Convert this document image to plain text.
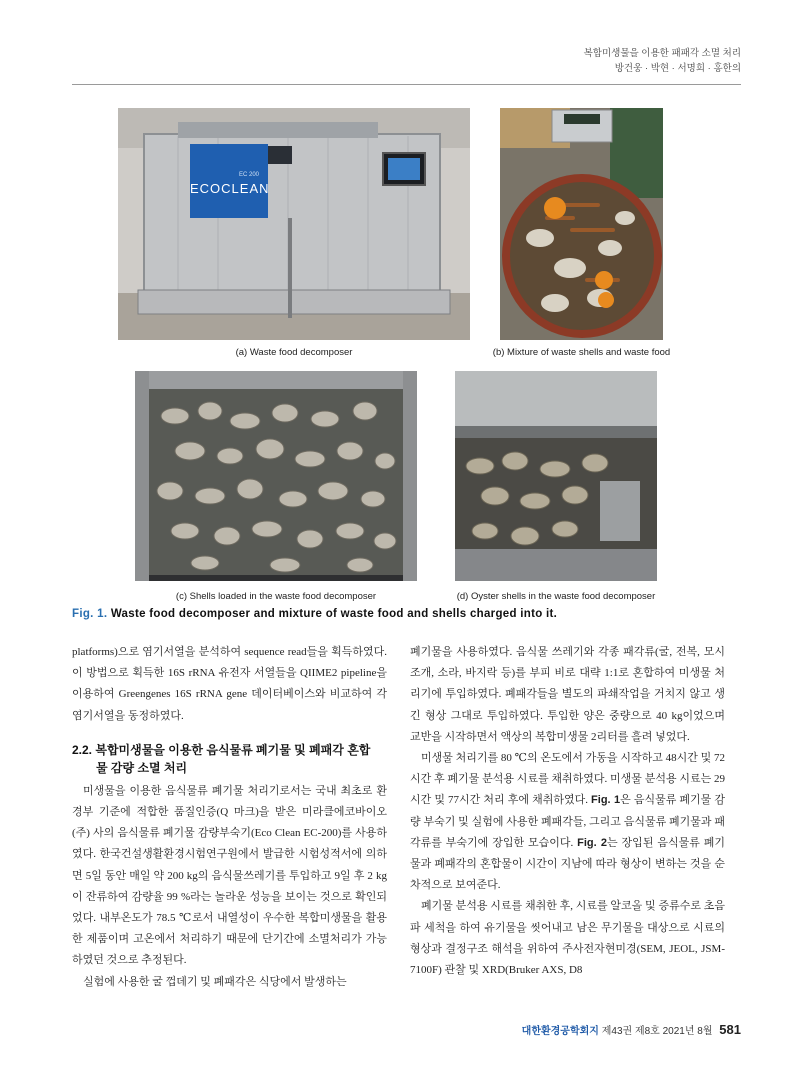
복합미생물을 이용한 패패각 소멸 처리
방건웅 · 박현 · 서명희 · 홍한의
ECOCLEAN
EC 200
(a) Waste food decomposer	(b) Mixture of waste shells and waste food
(c) Shells loaded in the waste food decomposer	(d) Oyster shells in the waste food decomposer
Fig. 1. Waste food decomposer and mixture of waste food and shells charged into it.

platforms)으로 염기서열을 분석하여 sequence read들을 획득하였다. 이 방법으로 획득한 16S rRNA 유전자 서열들을 QIIME2 pipeline을 이용하여 Greengenes 16S rRNA gene 데이터베이스와 비교하여 각 염기서열을 동정하였다.

2.2. 복합미생물을 이용한 음식물류 폐기물 및 폐패각 혼합
물 감량 소멸 처리

미생물을 이용한 음식물류 폐기물 처리기로서는 국내 최초로 환경부 기준에 적합한 품질인증(Q 마크)을 받은 미라클에코바이오(주) 사의 음식물류 폐기물 감량부숙기(Eco Clean EC-200)를 사용하였다. 한국건설생활환경시험연구원에서 발급한 시험성적서에 의하면 5일 동안 매일 약 200 kg의 음식물쓰레기를 투입하고 9일 후 2 kg이 잔류하여 감량율 99 %라는 놀라운 성능을 보이는 것으로 확인되었다. 내부온도가 78.5 ℃로서 내열성이 우수한 복합미생물을 활용한 제품이며 고온에서 처리하기 때문에 단기간에 소멸처리가 가능하였던 것으로 추정된다.

실험에 사용한 굴 껍데기 및 폐패각은 식당에서 발생하는

폐기물을 사용하였다. 음식물 쓰레기와 각종 패각류(굴, 전복, 모시조개, 소라, 바지락 등)를 부피 비로 대략 1:1로 혼합하여 미생물 처리기에 투입하였다. 폐패각들을 별도의 파쇄작업을 거치지 않고 생긴 형상 그대로 투입하였다. 투입한 양은 중량으로 40 kg이었으며 교반을 시작하면서 액상의 복합미생물 2리터를 흘려 넣었다.

미생물 처리기를 80 ℃의 온도에서 가동을 시작하고 48시간 및 72시간 후 폐기물 분석용 시료를 채취하였다. 미생물 분석용 시료는 29시간 및 77시간 처리 후에 채취하였다. Fig. 1은 음식물류 폐기물 감량 부숙기 및 실험에 사용한 폐패각들, 그리고 음식물류 폐기물과 패각류를 부숙기에 장입한 모습이다. Fig. 2는 장입된 음식물류 폐기물과 폐패각의 혼합물이 시간이 지남에 따라 형상이 변하는 것을 순차적으로 보여준다.

폐기물 분석용 시료를 채취한 후, 시료를 알코올 및 증류수로 초음파 세척을 하여 유기물을 씻어내고 남은 무기물을 대상으로 시료의 형상과 결정구조 해석을 위하여 주사전자현미경(SEM, JEOL, JSM-7100F) 관찰 및 XRD(Bruker AXS, D8

대한환경공학회지 제43권 제8호 2021년 8월 581
